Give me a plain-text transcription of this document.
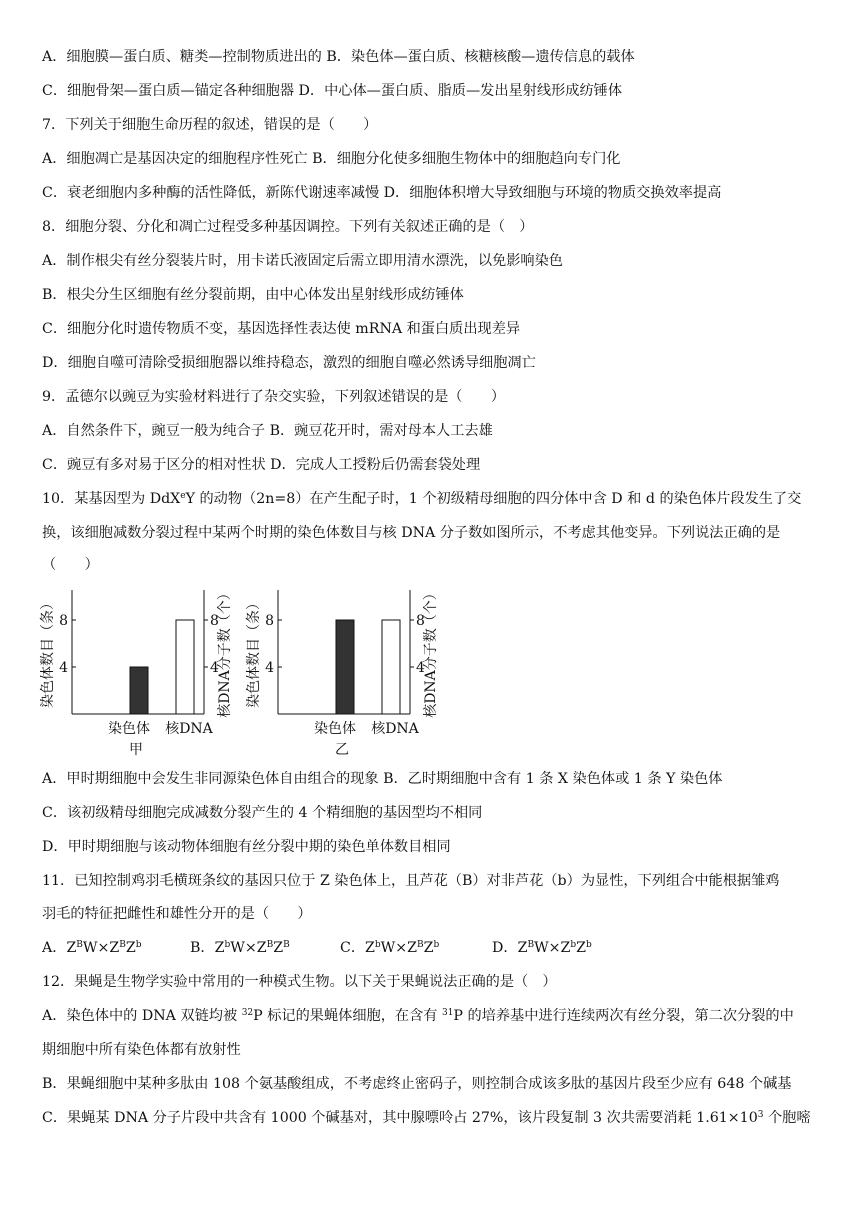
A．细胞膜—蛋白质、糖类—控制物质进出的 B．染色体—蛋白质、核糖核酸—遗传信息的载体
C．细胞骨架—蛋白质—锚定各种细胞器 D．中心体—蛋白质、脂质—发出星射线形成纺锤体
7．下列关于细胞生命历程的叙述，错误的是（　　）
A．细胞凋亡是基因决定的细胞程序性死亡 B．细胞分化使多细胞生物体中的细胞趋向专门化
C．衰老细胞内多种酶的活性降低，新陈代谢速率减慢 D．细胞体积增大导致细胞与环境的物质交换效率提高
8．细胞分裂、分化和凋亡过程受多种基因调控。下列有关叙述正确的是（　）
A．制作根尖有丝分裂装片时，用卡诺氏液固定后需立即用清水漂洗，以免影响染色
B．根尖分生区细胞有丝分裂前期，由中心体发出星射线形成纺锤体
C．细胞分化时遗传物质不变，基因选择性表达使 mRNA 和蛋白质出现差异
D．细胞自噬可清除受损细胞器以维持稳态，激烈的细胞自噬必然诱导细胞凋亡
9．孟德尔以豌豆为实验材料进行了杂交实验，下列叙述错误的是（　　）
A．自然条件下，豌豆一般为纯合子 B．豌豆花开时，需对母本人工去雄
C．豌豆有多对易于区分的相对性状 D．完成人工授粉后仍需套袋处理
10．某基因型为 DdX$^e$Y 的动物（2n=8）在产生配子时，1 个初级精母细胞的四分体中含 D 和 d 的染色体片段发生了交
换，该细胞减数分裂过程中某两个时期的染色体数目与核 DNA 分子数如图所示，不考虑其他变异。下列说法正确的是
（　　）
4	4
8	8
染色体数目（条）	核DNA分子数（个）
染色体 核DNA
甲
4	4
8	8
染色体数目（条）	核DNA分子数（个）
染色体 核DNA
乙
A．甲时期细胞中会发生非同源染色体自由组合的现象 B．乙时期细胞中含有 1 条 X 染色体或 1 条 Y 染色体
C．该初级精母细胞完成减数分裂产生的 4 个精细胞的基因型均不相同
D．甲时期细胞与该动物体细胞有丝分裂中期的染色单体数目相同
11．已知控制鸡羽毛横斑条纹的基因只位于 Z 染色体上，且芦花（B）对非芦花（b）为显性，下列组合中能根据雏鸡
羽毛的特征把雌性和雄性分开的是（　　）
A．$Z^BW\times Z^BZ^b$	B．$Z^bW\times Z^BZ^B$	C．$Z^bW\times Z^BZ^b$	D．$Z^BW\times Z^bZ^b$
12．果蝇是生物学实验中常用的一种模式生物。以下关于果蝇说法正确的是（　）
A．染色体中的 DNA 双链均被 $^{32}$P 标记的果蝇体细胞，在含有 $^{31}$P 的培养基中进行连续两次有丝分裂，第二次分裂的中
期细胞中所有染色体都有放射性
B．果蝇细胞中某种多肽由 108 个氨基酸组成，不考虑终止密码子，则控制合成该多肽的基因片段至少应有 648 个碱基
C．果蝇某 DNA 分子片段中共含有 1000 个碱基对，其中腺嘌呤占 27%，该片段复制 3 次共需要消耗 $1.61\times 10^3$ 个胞嘧
